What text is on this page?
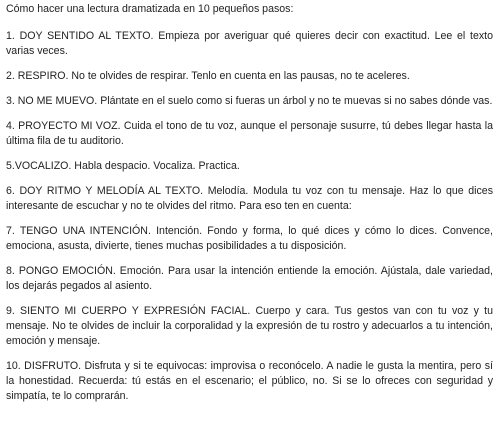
Cómo hacer una lectura dramatizada en 10 pequeños pasos:

1. DOY SENTIDO AL TEXTO. Empieza por averiguar qué quieres decir con exactitud. Lee el texto varias veces.

2. RESPIRO. No te olvides de respirar. Tenlo en cuenta en las pausas, no te aceleres.

3. NO ME MUEVO. Plántate en el suelo como si fueras un árbol y no te muevas si no sabes dónde vas.

4. PROYECTO MI VOZ. Cuida el tono de tu voz, aunque el personaje susurre, tú debes llegar hasta la última fila de tu auditorio.

5.VOCALIZO. Habla despacio. Vocaliza. Practica.

6. DOY RITMO Y MELODÍA AL TEXTO. Melodía. Modula tu voz con tu mensaje. Haz lo que dices interesante de escuchar y no te olvides del ritmo. Para eso ten en cuenta:

7. TENGO UNA INTENCIÓN. Intención. Fondo y forma, lo qué dices y cómo lo dices. Convence, emociona, asusta, divierte, tienes muchas posibilidades a tu disposición.

8. PONGO EMOCIÓN. Emoción. Para usar la intención entiende la emoción. Ajústala, dale variedad, los dejarás pegados al asiento.

9. SIENTO MI CUERPO Y EXPRESIÓN FACIAL. Cuerpo y cara. Tus gestos van con tu voz y tu mensaje. No te olvides de incluir la corporalidad y la expresión de tu rostro y adecuarlos a tu intención, emoción y mensaje.

10. DISFRUTO. Disfruta y si te equivocas: improvisa o reconócelo. A nadie le gusta la mentira, pero sí la honestidad. Recuerda: tú estás en el escenario; el público, no. Si se lo ofreces con seguridad y simpatía, te lo comprarán.
